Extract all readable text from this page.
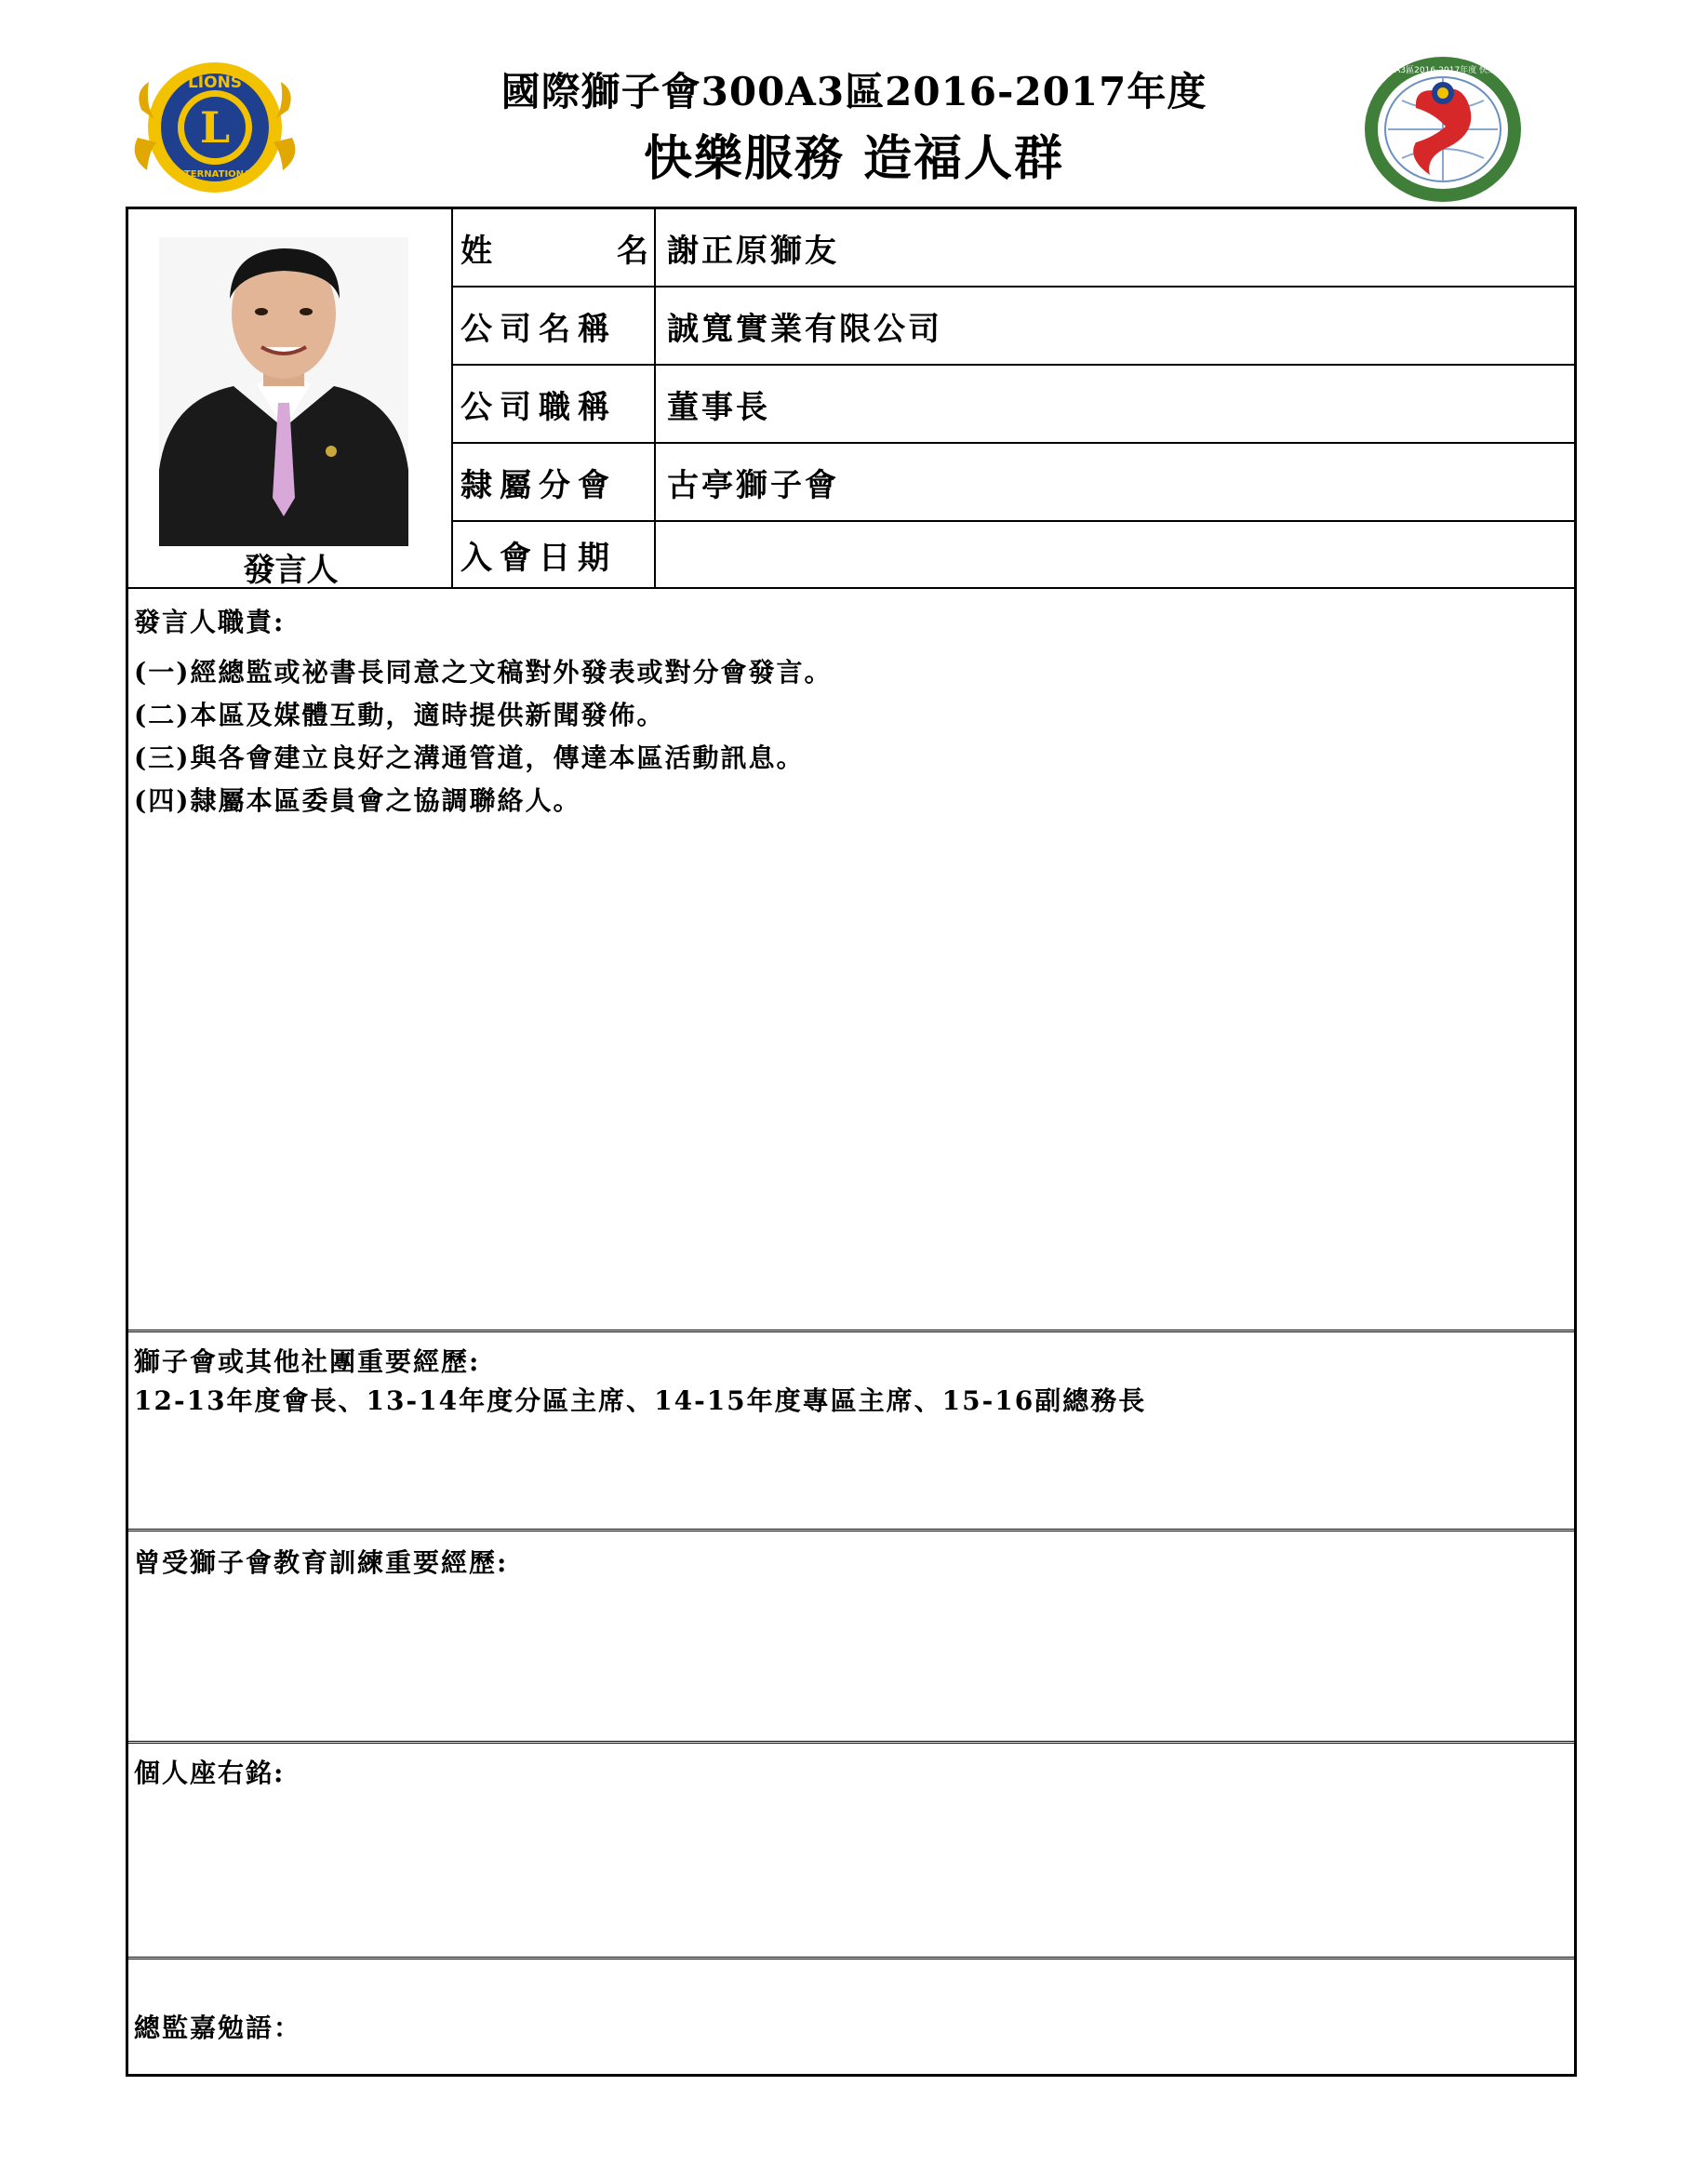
L
LIONS
INTERNATIONAL
國際獅子會300A3區2016-2017年度
快樂服務 造福人群
國際獅子會300A3區2016-2017年度 快樂服務 造福人群
發言人
姓	名 謝正原獅友
公司名稱	誠寬實業有限公司
公司職稱	董事長
隸屬分會	古亭獅子會
入會日期
發言人職責:
(一)經總監或祕書長同意之文稿對外發表或對分會發言。
(二)本區及媒體互動，適時提供新聞發佈。
(三)與各會建立良好之溝通管道，傳達本區活動訊息。
(四)隸屬本區委員會之協調聯絡人。
獅子會或其他社團重要經歷:
12-13年度會長、13-14年度分區主席、14-15年度專區主席、15-16副總務長
曾受獅子會教育訓練重要經歷:
個人座右銘:
總監嘉勉語：
